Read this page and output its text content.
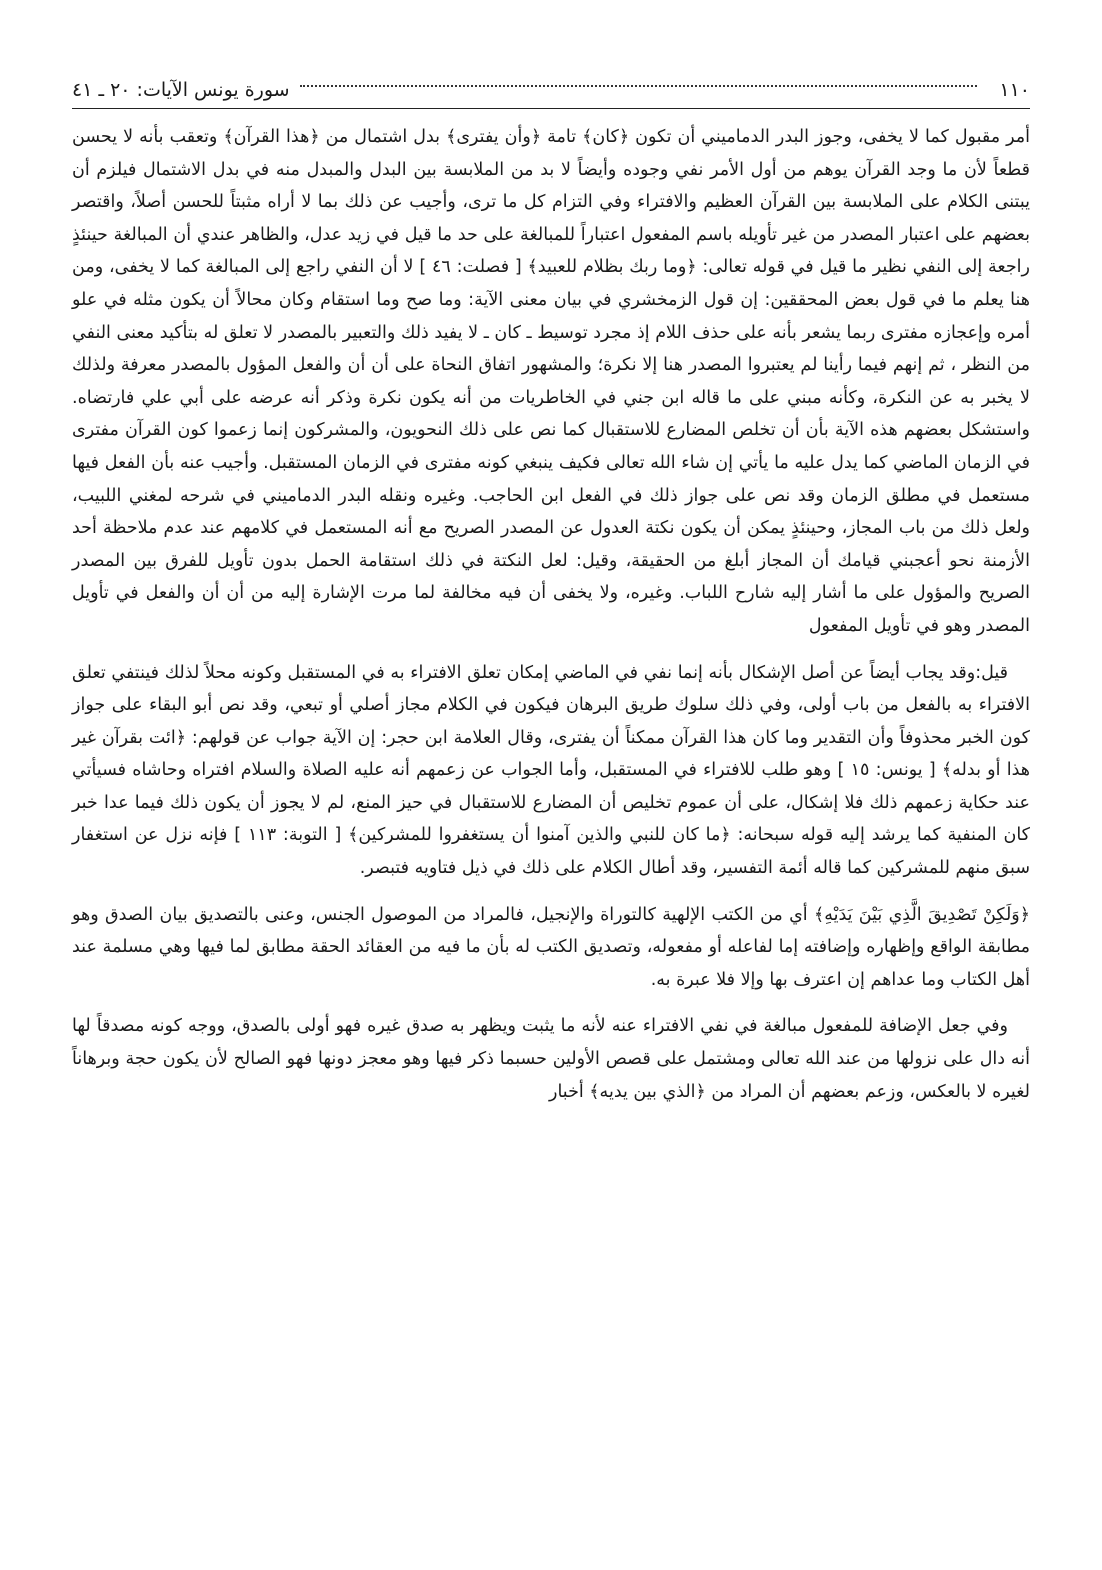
١١٠
سورة يونس الآيات: ٢٠ ـ ٤١

أمر مقبول كما لا يخفى، وجوز البدر الدماميني أن تكون ﴿كان﴾ تامة ﴿وأن يفترى﴾ بدل اشتمال من ﴿هذا القرآن﴾ وتعقب بأنه لا يحسن قطعاً لأن ما وجد القرآن يوهم من أول الأمر نفي وجوده وأيضاً لا بد من الملابسة بين البدل والمبدل منه في بدل الاشتمال فيلزم أن يبتنى الكلام على الملابسة بين القرآن العظيم والافتراء وفي التزام كل ما ترى، وأجيب عن ذلك بما لا أراه مثبتاً للحسن أصلاً، واقتصر بعضهم على اعتبار المصدر من غير تأويله باسم المفعول اعتباراً للمبالغة على حد ما قيل في زيد عدل، والظاهر عندي أن المبالغة حينئذٍ راجعة إلى النفي نظير ما قيل في قوله تعالى: ﴿وما ربك بظلام للعبيد﴾ [ فصلت: ٤٦ ] لا أن النفي راجع إلى المبالغة كما لا يخفى، ومن هنا يعلم ما في قول بعض المحققين: إن قول الزمخشري في بيان معنى الآية: وما صح وما استقام وكان محالاً أن يكون مثله في علو أمره وإعجازه مفترى ربما يشعر بأنه على حذف اللام إذ مجرد توسيط ـ كان ـ لا يفيد ذلك والتعبير بالمصدر لا تعلق له بتأكيد معنى النفي من النظر ، ثم إنهم فيما رأينا لم يعتبروا المصدر هنا إلا نكرة؛ والمشهور اتفاق النحاة على أن أن والفعل المؤول بالمصدر معرفة ولذلك لا يخبر به عن النكرة، وكأنه مبني على ما قاله ابن جني في الخاطريات من أنه يكون نكرة وذكر أنه عرضه على أبي علي فارتضاه. واستشكل بعضهم هذه الآية بأن أن تخلص المضارع للاستقبال كما نص على ذلك النحويون، والمشركون إنما زعموا كون القرآن مفترى في الزمان الماضي كما يدل عليه ما يأتي إن شاء الله تعالى فكيف ينبغي كونه مفترى في الزمان المستقبل. وأجيب عنه بأن الفعل فيها مستعمل في مطلق الزمان وقد نص على جواز ذلك في الفعل ابن الحاجب. وغيره ونقله البدر الدماميني في شرحه لمغني اللبيب، ولعل ذلك من باب المجاز، وحينئذٍ يمكن أن يكون نكتة العدول عن المصدر الصريح مع أنه المستعمل في كلامهم عند عدم ملاحظة أحد الأزمنة نحو أعجبني قيامك أن المجاز أبلغ من الحقيقة، وقيل: لعل النكتة في ذلك استقامة الحمل بدون تأويل للفرق بين المصدر الصريح والمؤول على ما أشار إليه شارح اللباب. وغيره، ولا يخفى أن فيه مخالفة لما مرت الإشارة إليه من أن أن والفعل في تأويل المصدر وهو في تأويل المفعول

قيل:وقد يجاب أيضاً عن أصل الإشكال بأنه إنما نفي في الماضي إمكان تعلق الافتراء به في المستقبل وكونه محلاً لذلك فينتفي تعلق الافتراء به بالفعل من باب أولى، وفي ذلك سلوك طريق البرهان فيكون في الكلام مجاز أصلي أو تبعي، وقد نص أبو البقاء على جواز كون الخبر محذوفاً وأن التقدير وما كان هذا القرآن ممكناً أن يفترى، وقال العلامة ابن حجر: إن الآية جواب عن قولهم: ﴿ائت بقرآن غير هذا أو بدله﴾ [ يونس: ١٥ ] وهو طلب للافتراء في المستقبل، وأما الجواب عن زعمهم أنه عليه الصلاة والسلام افتراه وحاشاه فسيأتي عند حكاية زعمهم ذلك فلا إشكال، على أن عموم تخليص أن المضارع للاستقبال في حيز المنع، لم لا يجوز أن يكون ذلك فيما عدا خبر كان المنفية كما يرشد إليه قوله سبحانه: ﴿ما كان للنبي والذين آمنوا أن يستغفروا للمشركين﴾ [ التوبة: ١١٣ ] فإنه نزل عن استغفار سبق منهم للمشركين كما قاله أئمة التفسير، وقد أطال الكلام على ذلك في ذيل فتاويه فتبصر.

﴿وَلَكِنْ تَصْدِيقَ الَّذِي بَيْنَ يَدَيْهِ﴾ أي من الكتب الإلهية كالتوراة والإنجيل، فالمراد من الموصول الجنس، وعنى بالتصديق بيان الصدق وهو مطابقة الواقع وإظهاره وإضافته إما لفاعله أو مفعوله، وتصديق الكتب له بأن ما فيه من العقائد الحقة مطابق لما فيها وهي مسلمة عند أهل الكتاب وما عداهم إن اعترف بها وإلا فلا عبرة به.

وفي جعل الإضافة للمفعول مبالغة في نفي الافتراء عنه لأنه ما يثبت ويظهر به صدق غيره فهو أولى بالصدق، ووجه كونه مصدقاً لها أنه دال على نزولها من عند الله تعالى ومشتمل على قصص الأولين حسبما ذكر فيها وهو معجز دونها فهو الصالح لأن يكون حجة وبرهاناً لغيره لا بالعكس، وزعم بعضهم أن المراد من ﴿الذي بين يديه﴾ أخبار
